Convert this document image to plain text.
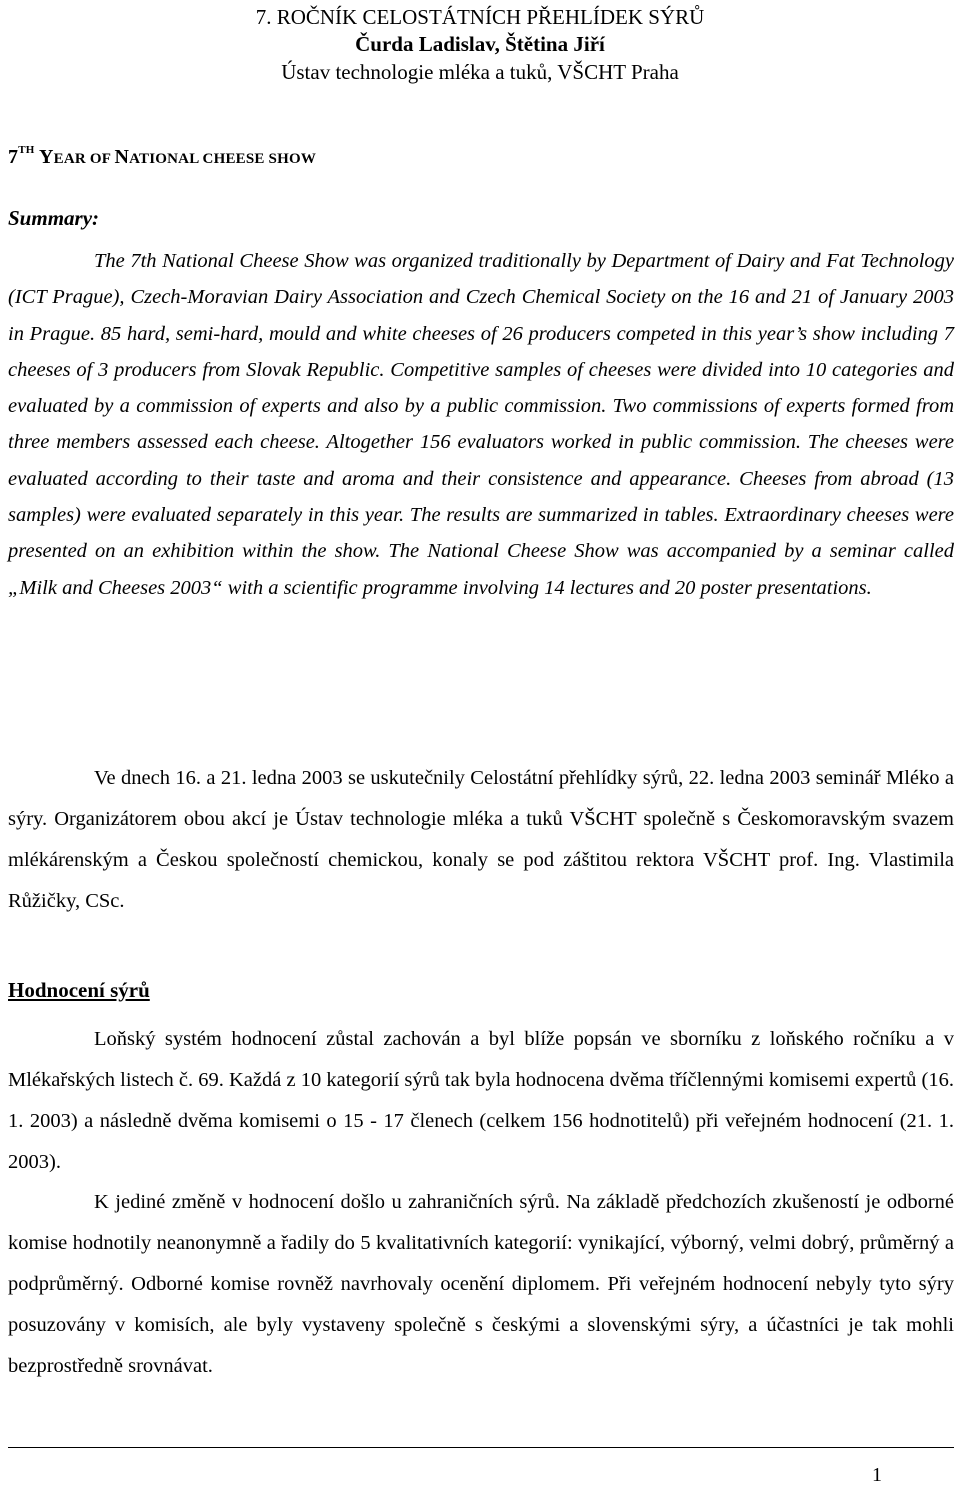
7. ROČNÍK CELOSTÁTNÍCH PŘEHLÍDEK SÝRŮ
Čurda Ladislav, Štětina Jiří
Ústav technologie mléka a tuků, VŠCHT Praha
7TH YEAR OF NATIONAL CHEESE SHOW
Summary:

The 7th National Cheese Show was organized traditionally by Department of Dairy and Fat Technology (ICT Prague), Czech-Moravian Dairy Association and Czech Chemical Society on the 16 and 21 of January 2003 in Prague. 85 hard, semi-hard, mould and white cheeses of 26 producers competed in this year’s show including 7 cheeses of 3 producers from Slovak Republic. Competitive samples of cheeses were divided into 10 categories and evaluated by a commission of experts and also by a public commission. Two commissions of experts formed from three members assessed each cheese. Altogether 156 evaluators worked in public commission. The cheeses were evaluated according to their taste and aroma and their consistence and appearance. Cheeses from abroad (13 samples) were evaluated separately in this year. The results are summarized in tables. Extraordinary cheeses were presented on an exhibition within the show. The National Cheese Show was accompanied by a seminar called „Milk and Cheeses 2003“ with a scientific programme involving 14 lectures and 20 poster presentations.

Ve dnech 16. a 21. ledna 2003 se uskutečnily Celostátní přehlídky sýrů, 22. ledna 2003 seminář Mléko a sýry. Organizátorem obou akcí je Ústav technologie mléka a tuků VŠCHT společně s Českomoravským svazem mlékárenským a Českou společností chemickou, konaly se pod záštitou rektora VŠCHT prof. Ing. Vlastimila Růžičky, CSc.

Hodnocení sýrů

Loňský systém hodnocení zůstal zachován a byl blíže popsán ve sborníku z loňského ročníku a v Mlékařských listech č. 69. Každá z 10 kategorií sýrů tak byla hodnocena dvěma tříčlennými komisemi expertů (16. 1. 2003) a následně dvěma komisemi o 15 - 17 členech (celkem 156 hodnotitelů) při veřejném hodnocení (21. 1. 2003).

K jediné změně v hodnocení došlo u zahraničních sýrů. Na základě předchozích zkušeností je odborné komise hodnotily neanonymně a řadily do 5 kvalitativních kategorií: vynikající, výborný, velmi dobrý, průměrný a podprůměrný. Odborné komise rovněž navrhovaly ocenění diplomem. Při veřejném hodnocení nebyly tyto sýry posuzovány v komisích, ale byly vystaveny společně s českými a slovenskými sýry, a účastníci je tak mohli bezprostředně srovnávat.

1
